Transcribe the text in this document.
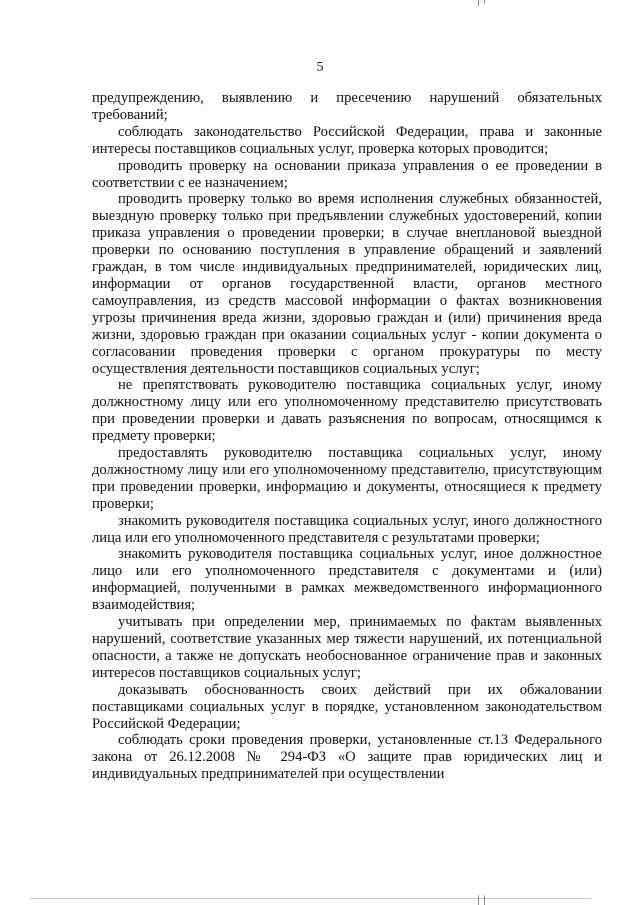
5

предупреждению, выявлению и пресечению нарушений обязательных требований;

соблюдать законодательство Российской Федерации, права и законные интересы поставщиков социальных услуг, проверка которых проводится;

проводить проверку на основании приказа управления о ее проведении в соответствии с ее назначением;

проводить проверку только во время исполнения служебных обязанностей, выездную проверку только при предъявлении служебных удостоверений, копии приказа управления о проведении проверки; в случае внеплановой выездной проверки по основанию поступления в управление обращений и заявлений граждан, в том числе индивидуальных предпринимателей, юридических лиц, информации от органов государственной власти, органов местного самоуправления, из средств массовой информации о фактах возникновения угрозы причинения вреда жизни, здоровью граждан и (или) причинения вреда жизни, здоровью граждан при оказании социальных услуг - копии документа о согласовании проведения проверки с органом прокуратуры по месту осуществления деятельности поставщиков социальных услуг;

не препятствовать руководителю поставщика социальных услуг, иному должностному лицу или его уполномоченному представителю присутствовать при проведении проверки и давать разъяснения по вопросам, относящимся к предмету проверки;

предоставлять руководителю поставщика социальных услуг, иному должностному лицу или его уполномоченному представителю, присутствующим при проведении проверки, информацию и документы, относящиеся к предмету проверки;

знакомить руководителя поставщика социальных услуг, иного должностного лица или его уполномоченного представителя с результатами проверки;

знакомить руководителя поставщика социальных услуг, иное должностное лицо или его уполномоченного представителя с документами и (или) информацией, полученными в рамках межведомственного информационного взаимодействия;

учитывать при определении мер, принимаемых по фактам выявленных нарушений, соответствие указанных мер тяжести нарушений, их потенциальной опасности, а также не допускать необоснованное ограничение прав и законных интересов поставщиков социальных услуг;

доказывать обоснованность своих действий при их обжаловании поставщиками социальных услуг в порядке, установленном законодательством Российской Федерации;

соблюдать сроки проведения проверки, установленные ст.13 Федерального закона от 26.12.2008 № 294-ФЗ «О защите прав юридических лиц и индивидуальных предпринимателей при осуществлении
